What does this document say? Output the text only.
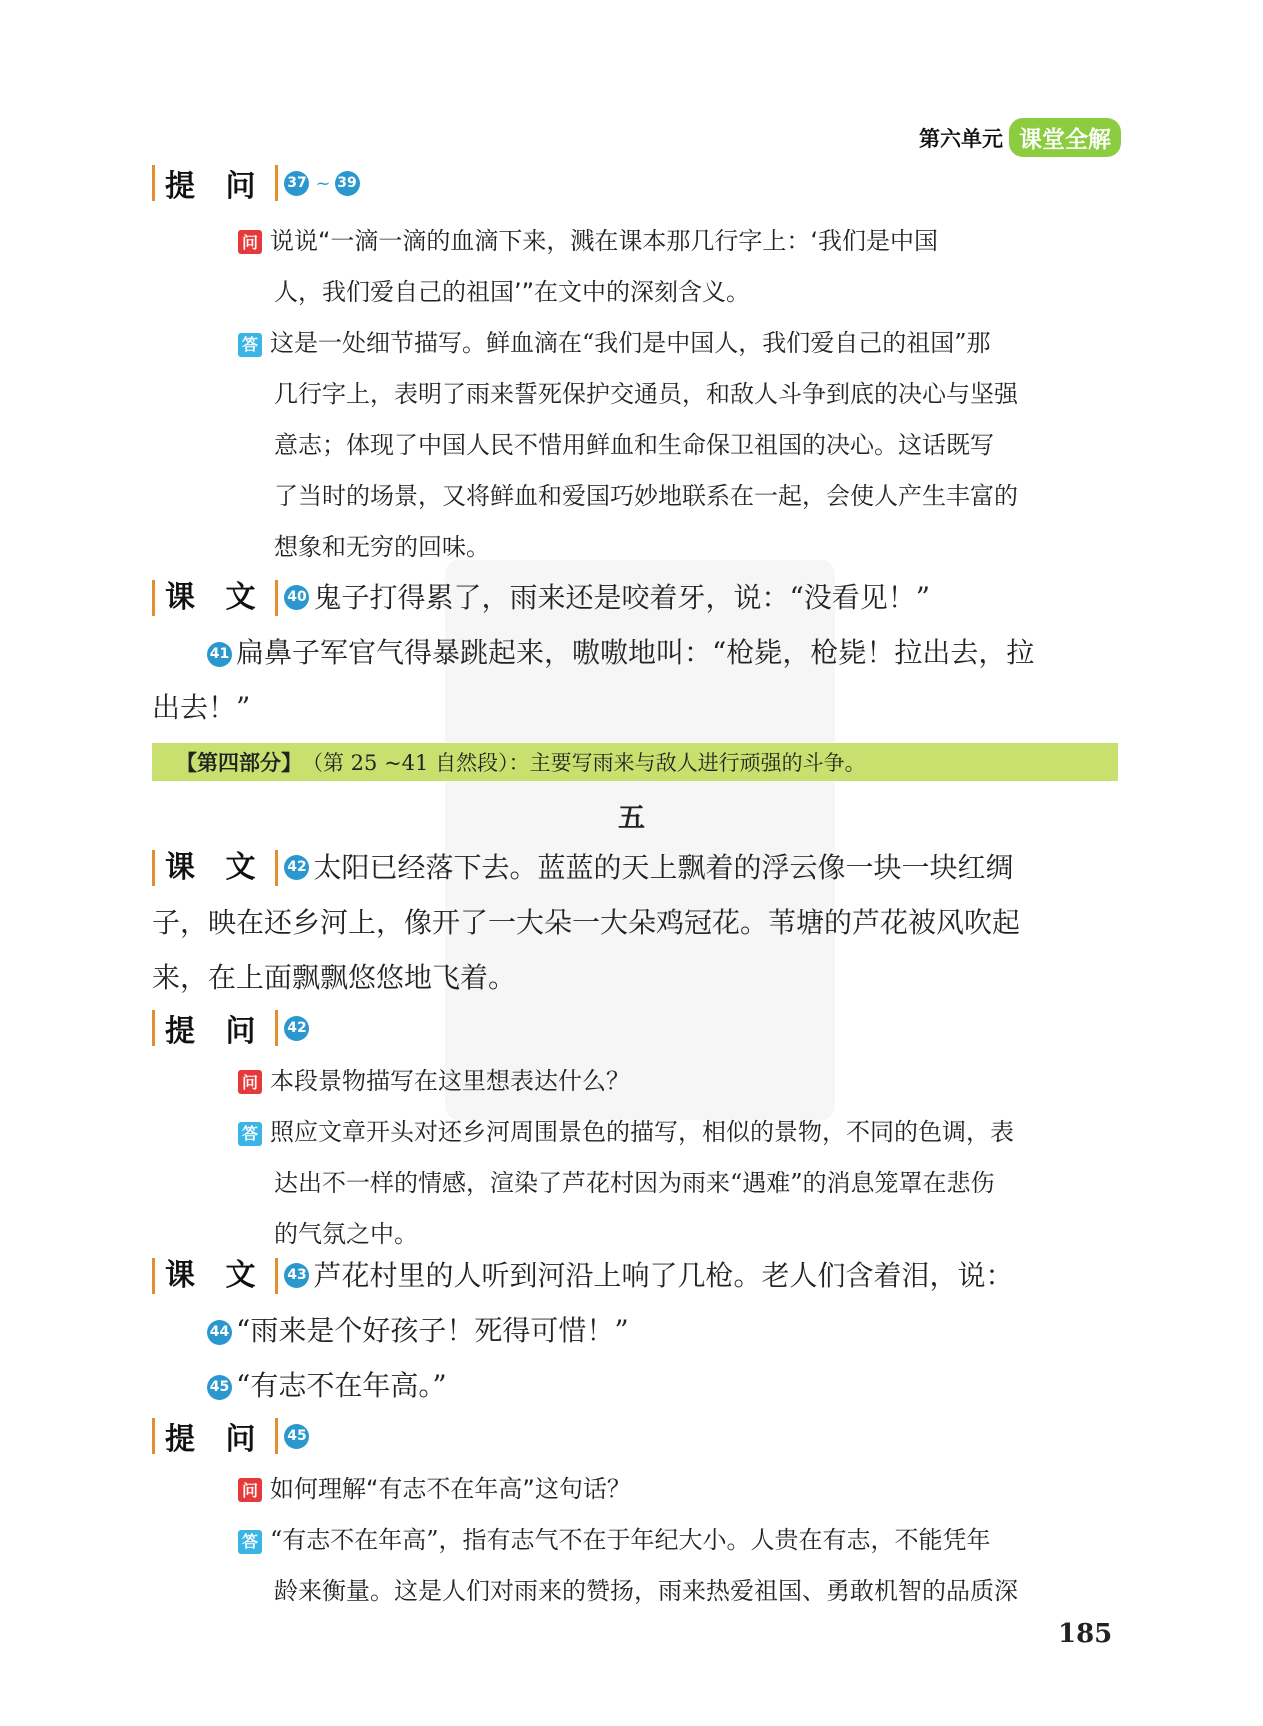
第六单元 课堂全解
提 问	37 ~ 39
问 说说“一滴一滴的血滴下来，溅在课本那几行字上：‘我们是中国
人，我们爱自己的祖国’”在文中的深刻含义。
答 这是一处细节描写。鲜血滴在“我们是中国人，我们爱自己的祖国”那
几行字上，表明了雨来誓死保护交通员，和敌人斗争到底的决心与坚强
意志；体现了中国人民不惜用鲜血和生命保卫祖国的决心。这话既写
了当时的场景，又将鲜血和爱国巧妙地联系在一起，会使人产生丰富的
想象和无穷的回味。
课 文	40 鬼子打得累了，雨来还是咬着牙，说：“没看见！”
41 扁鼻子军官气得暴跳起来，嗷嗷地叫：“枪毙，枪毙！拉出去，拉
出去！”
【第四部分】 （第 25 ~41 自然段）：主要写雨来与敌人进行顽强的斗争。
五
课 文	42 太阳已经落下去。蓝蓝的天上飘着的浮云像一块一块红绸
子，映在还乡河上，像开了一大朵一大朵鸡冠花。苇塘的芦花被风吹起
来，在上面飘飘悠悠地飞着。
提 问	42
问 本段景物描写在这里想表达什么？
答 照应文章开头对还乡河周围景色的描写，相似的景物，不同的色调，表
达出不一样的情感，渲染了芦花村因为雨来“遇难”的消息笼罩在悲伤
的气氛之中。
课 文	43 芦花村里的人听到河沿上响了几枪。老人们含着泪，说：
44 “雨来是个好孩子！死得可惜！”
45 “有志不在年高。”
提 问	45
问 如何理解“有志不在年高”这句话？
答 “有志不在年高”，指有志气不在于年纪大小。人贵在有志，不能凭年
龄来衡量。这是人们对雨来的赞扬，雨来热爱祖国、勇敢机智的品质深
185
